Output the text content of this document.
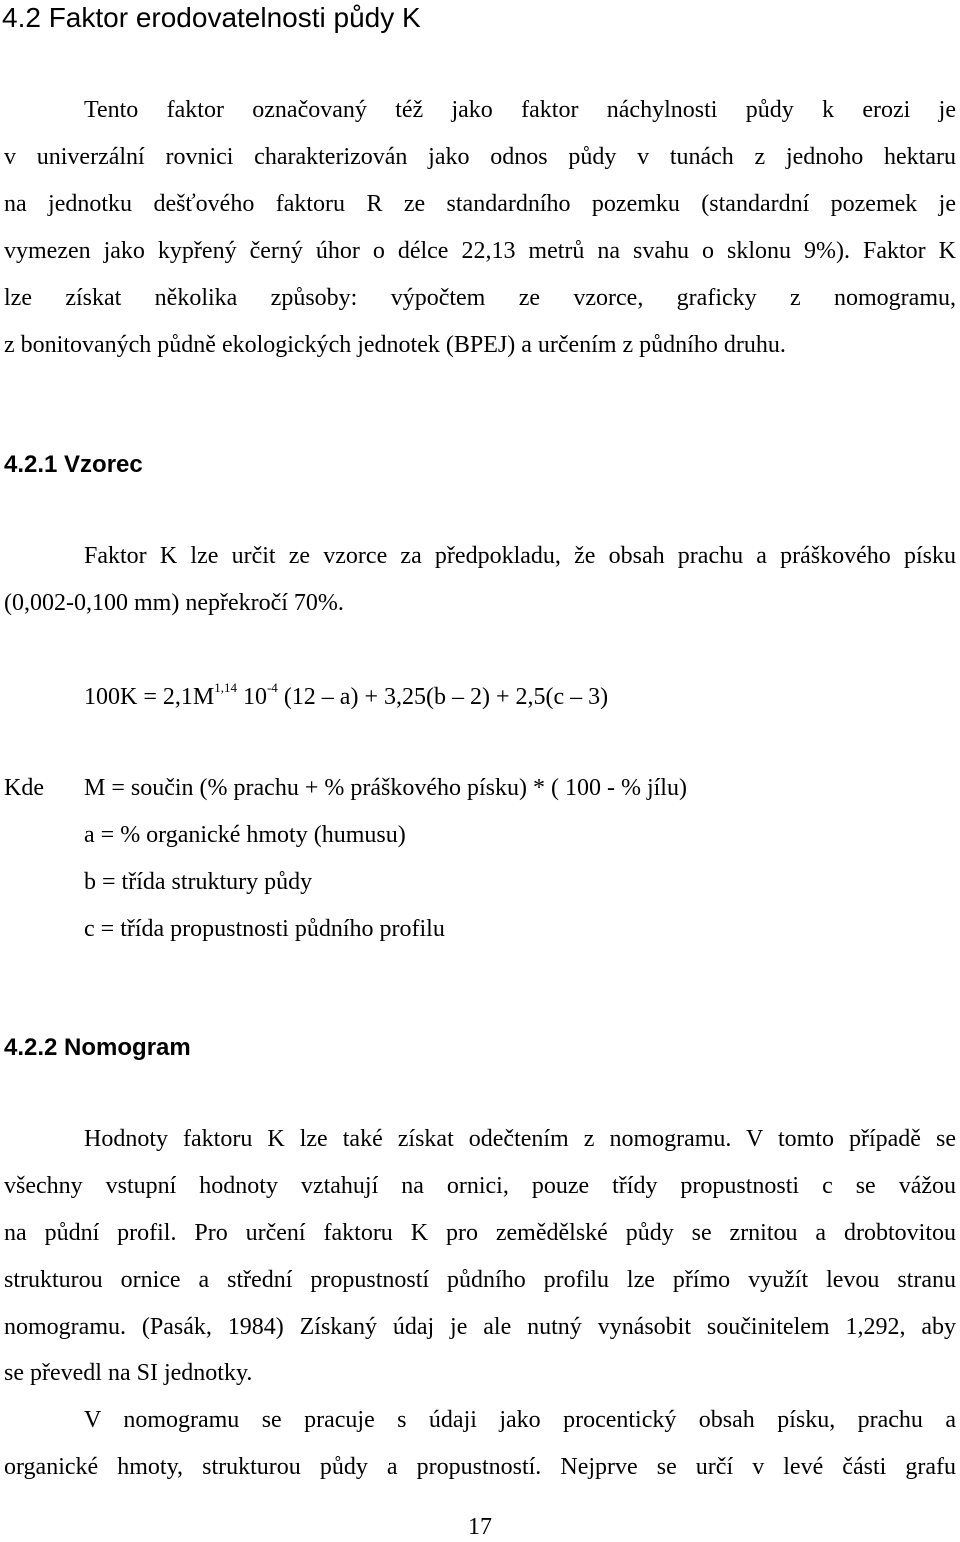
4.2 Faktor erodovatelnosti půdy K
Tento faktor označovaný též jako faktor náchylnosti půdy k erozi je
v univerzální rovnici charakterizován jako odnos půdy v tunách z jednoho hektaru
na jednotku dešťového faktoru R ze standardního pozemku (standardní pozemek je
vymezen jako kypřený černý úhor o délce 22,13 metrů na svahu o sklonu 9%). Faktor K
lze získat několika způsoby: výpočtem ze vzorce, graficky z nomogramu,
z bonitovaných půdně ekologických jednotek (BPEJ) a určením z půdního druhu.
4.2.1 Vzorec
Faktor K lze určit ze vzorce za předpokladu, že obsah prachu a práškového písku
(0,002-0,100 mm) nepřekročí 70%.
$100K = 2,1M^{1,14}$ $10^{-4}$ (12 – a) + 3,25(b – 2) + 2,5(c – 3)
Kde M = součin (% prachu + % práškového písku) * ( 100 - % jílu)
a = % organické hmoty (humusu)
b = třída struktury půdy
c = třída propustnosti půdního profilu
4.2.2 Nomogram
Hodnoty faktoru K lze také získat odečtením z nomogramu. V tomto případě se
všechny vstupní hodnoty vztahují na ornici, pouze třídy propustnosti c se vážou
na půdní profil. Pro určení faktoru K pro zemědělské půdy se zrnitou a drobtovitou
strukturou ornice a střední propustností půdního profilu lze přímo využít levou stranu
nomogramu. (Pasák, 1984) Získaný údaj je ale nutný vynásobit součinitelem 1,292, aby
se převedl na SI jednotky.
V nomogramu se pracuje s údaji jako procentický obsah písku, prachu a
organické hmoty, strukturou půdy a propustností. Nejprve se určí v levé části grafu
17
